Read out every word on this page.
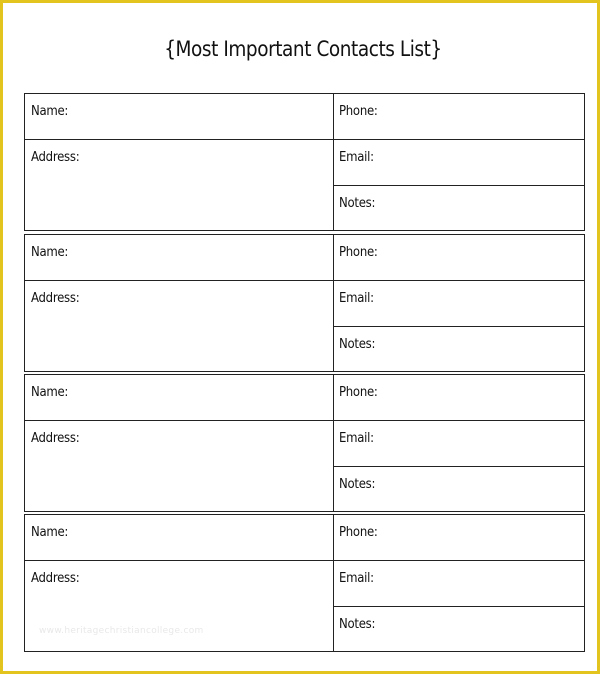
{Most Important Contacts List}
Name:
Address:
Phone:
Email:
Notes:
Name:
Address:
Phone:
Email:
Notes:
Name:
Address:
Phone:
Email:
Notes:
Name:
Address:
Phone:
Email:
Notes:
www.heritagechristiancollege.com
